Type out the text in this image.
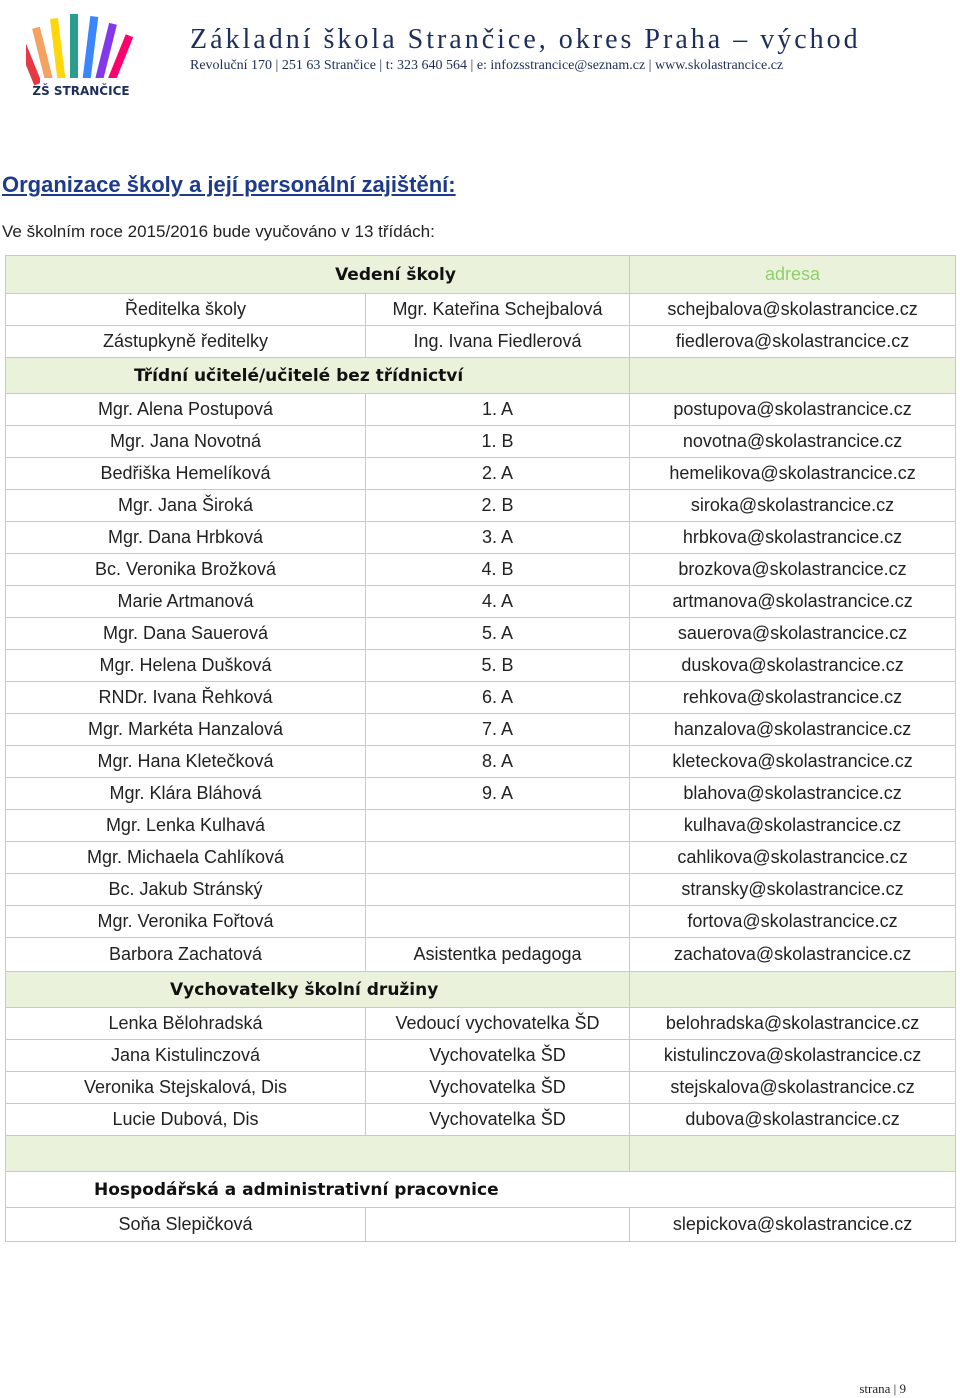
ZŠ STRANČICE
Základní škola Strančice, okres Praha – východ
Revoluční 170 | 251 63 Strančice | t: 323 640 564 | e: infozsstrancice@seznam.cz | www.skolastrancice.cz
Organizace školy a její personální zajištění:
Ve školním roce 2015/2016 bude vyučováno v 13 třídách:
Vedení školy		adresa
Ředitelka školy	Mgr. Kateřina Schejbalová	schejbalova@skolastrancice.cz
Zástupkyně ředitelky	Ing. Ivana Fiedlerová	fiedlerova@skolastrancice.cz
Třídní učitelé/učitelé bez třídnictví		
Mgr. Alena Postupová	1. A	postupova@skolastrancice.cz
Mgr. Jana Novotná	1. B	novotna@skolastrancice.cz
Bedřiška Hemelíková	2. A	hemelikova@skolastrancice.cz
Mgr. Jana Široká	2. B	siroka@skolastrancice.cz
Mgr. Dana Hrbková	3. A	hrbkova@skolastrancice.cz
Bc. Veronika Brožková	4. B	brozkova@skolastrancice.cz
Marie Artmanová	4. A	artmanova@skolastrancice.cz
Mgr. Dana Sauerová	5. A	sauerova@skolastrancice.cz
Mgr. Helena Dušková	5. B	duskova@skolastrancice.cz
RNDr. Ivana Řehková	6. A	rehkova@skolastrancice.cz
Mgr. Markéta Hanzalová	7. A	hanzalova@skolastrancice.cz
Mgr. Hana Kletečková	8. A	kleteckova@skolastrancice.cz
Mgr. Klára Bláhová	9. A	blahova@skolastrancice.cz
Mgr. Lenka Kulhavá		kulhava@skolastrancice.cz
Mgr. Michaela Cahlíková		cahlikova@skolastrancice.cz
Bc. Jakub Stránský		stransky@skolastrancice.cz
Mgr. Veronika Fořtová		fortova@skolastrancice.cz
Barbora Zachatová	Asistentka pedagoga	zachatova@skolastrancice.cz
Vychovatelky školní družiny		
Lenka Bělohradská	Vedoucí vychovatelka ŠD	belohradska@skolastrancice.cz
Jana Kistulinczová	Vychovatelka ŠD	kistulinczova@skolastrancice.cz
Veronika Stejskalová, Dis	Vychovatelka ŠD	stejskalova@skolastrancice.cz
Lucie Dubová, Dis	Vychovatelka ŠD	dubova@skolastrancice.cz

Hospodářská a administrativní pracovnice		
Soňa Slepičková		slepickova@skolastrancice.cz
strana | 9
